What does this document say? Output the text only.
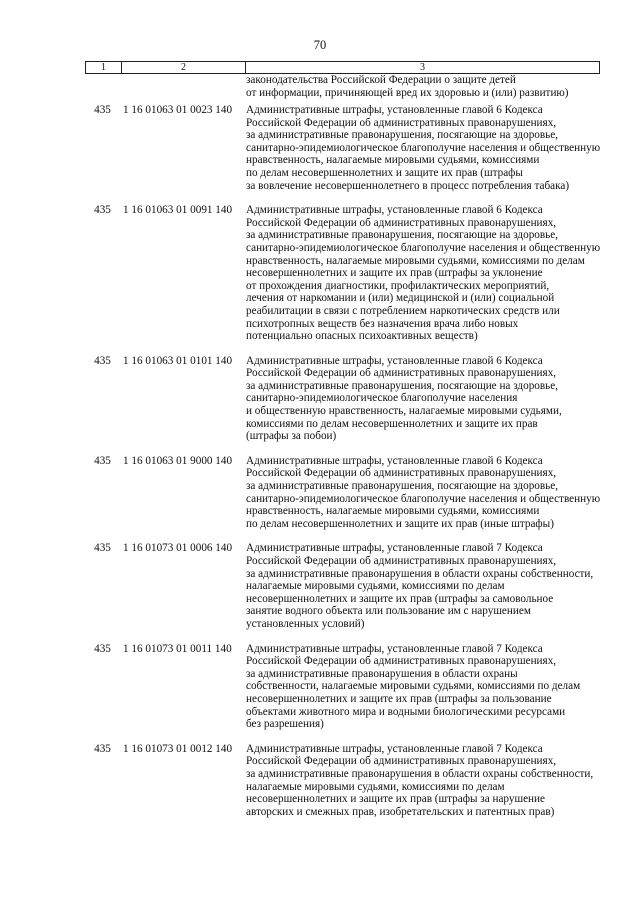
70
1	2	3
законодательства Российской Федерации о защите детей
от информации, причиняющей вред их здоровью и (или) развитию)
435	1 16 01063 01 0023 140	Административные штрафы, установленные главой 6 Кодекса
Российской Федерации об административных правонарушениях,
за административные правонарушения, посягающие на здоровье,
санитарно-эпидемиологическое благополучие населения и общественную
нравственность, налагаемые мировыми судьями, комиссиями
по делам несовершеннолетних и защите их прав (штрафы
за вовлечение несовершеннолетнего в процесс потребления табака)
435	1 16 01063 01 0091 140	Административные штрафы, установленные главой 6 Кодекса
Российской Федерации об административных правонарушениях,
за административные правонарушения, посягающие на здоровье,
санитарно-эпидемиологическое благополучие населения и общественную
нравственность, налагаемые мировыми судьями, комиссиями по делам
несовершеннолетних и защите их прав (штрафы за уклонение
от прохождения диагностики, профилактических мероприятий,
лечения от наркомании и (или) медицинской и (или) социальной
реабилитации в связи с потреблением наркотических средств или
психотропных веществ без назначения врача либо новых
потенциально опасных психоактивных веществ)
435	1 16 01063 01 0101 140	Административные штрафы, установленные главой 6 Кодекса
Российской Федерации об административных правонарушениях,
за административные правонарушения, посягающие на здоровье,
санитарно-эпидемиологическое благополучие населения
и общественную нравственность, налагаемые мировыми судьями,
комиссиями по делам несовершеннолетних и защите их прав
(штрафы за побои)
435	1 16 01063 01 9000 140	Административные штрафы, установленные главой 6 Кодекса
Российской Федерации об административных правонарушениях,
за административные правонарушения, посягающие на здоровье,
санитарно-эпидемиологическое благополучие населения и общественную
нравственность, налагаемые мировыми судьями, комиссиями
по делам несовершеннолетних и защите их прав (иные штрафы)
435	1 16 01073 01 0006 140	Административные штрафы, установленные главой 7 Кодекса
Российской Федерации об административных правонарушениях,
за административные правонарушения в области охраны собственности,
налагаемые мировыми судьями, комиссиями по делам
несовершеннолетних и защите их прав (штрафы за самовольное
занятие водного объекта или пользование им с нарушением
установленных условий)
435	1 16 01073 01 0011 140	Административные штрафы, установленные главой 7 Кодекса
Российской Федерации об административных правонарушениях,
за административные правонарушения в области охраны
собственности, налагаемые мировыми судьями, комиссиями по делам
несовершеннолетних и защите их прав (штрафы за пользование
объектами животного мира и водными биологическими ресурсами
без разрешения)
435	1 16 01073 01 0012 140	Административные штрафы, установленные главой 7 Кодекса
Российской Федерации об административных правонарушениях,
за административные правонарушения в области охраны собственности,
налагаемые мировыми судьями, комиссиями по делам
несовершеннолетних и защите их прав (штрафы за нарушение
авторских и смежных прав, изобретательских и патентных прав)
